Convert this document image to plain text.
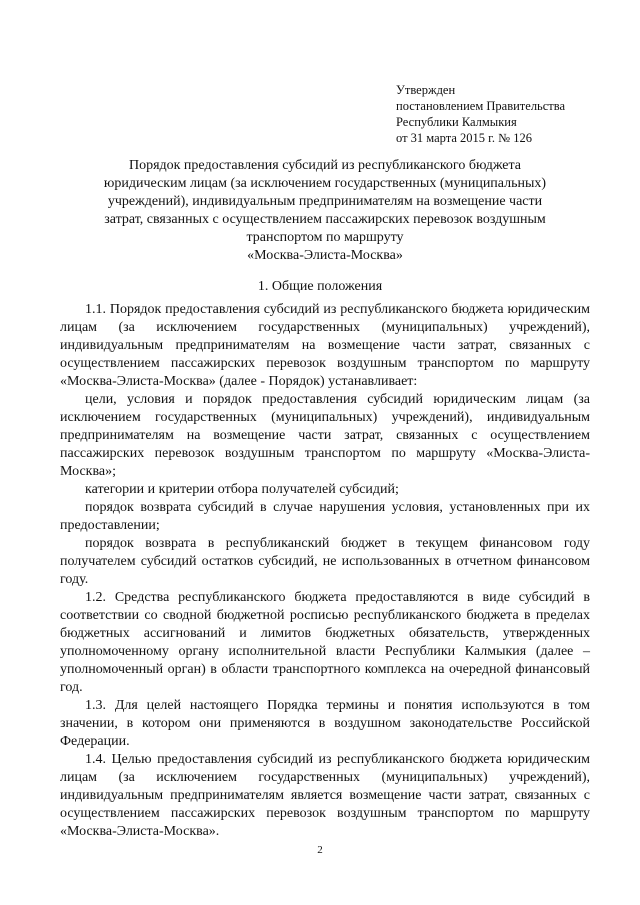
Утвержден
постановлением Правительства
Республики Калмыкия
от 31 марта 2015 г. № 126
Порядок предоставления субсидий из республиканского бюджета
юридическим лицам (за исключением государственных (муниципальных)
учреждений), индивидуальным предпринимателям на возмещение части
затрат, связанных с осуществлением пассажирских перевозок воздушным
транспортом по маршруту
«Москва-Элиста-Москва»
1. Общие положения

1.1. Порядок предоставления субсидий из республиканского бюджета юридическим лицам (за исключением государственных (муниципальных) учреждений), индивидуальным предпринимателям на возмещение части затрат, связанных с осуществлением пассажирских перевозок воздушным транспортом по маршруту «Москва-Элиста-Москва» (далее - Порядок) устанавливает:

цели, условия и порядок предоставления субсидий юридическим лицам (за исключением государственных (муниципальных) учреждений), индивидуальным предпринимателям на возмещение части затрат, связанных с осуществлением пассажирских перевозок воздушным транспортом по маршруту «Москва-Элиста-Москва»;

категории и критерии отбора получателей субсидий;

порядок возврата субсидий в случае нарушения условия, установленных при их предоставлении;

порядок возврата в республиканский бюджет в текущем финансовом году получателем субсидий остатков субсидий, не использованных в отчетном финансовом году.

1.2. Средства республиканского бюджета предоставляются в виде субсидий в соответствии со сводной бюджетной росписью республиканского бюджета в пределах бюджетных ассигнований и лимитов бюджетных обязательств, утвержденных уполномоченному органу исполнительной власти Республики Калмыкия (далее – уполномоченный орган) в области транспортного комплекса на очередной финансовый год.

1.3. Для целей настоящего Порядка термины и понятия используются в том значении, в котором они применяются в воздушном законодательстве Российской Федерации.

1.4. Целью предоставления субсидий из республиканского бюджета юридическим лицам (за исключением государственных (муниципальных) учреждений), индивидуальным предпринимателям является возмещение части затрат, связанных с осуществлением пассажирских перевозок воздушным транспортом по маршруту «Москва-Элиста-Москва».

2
